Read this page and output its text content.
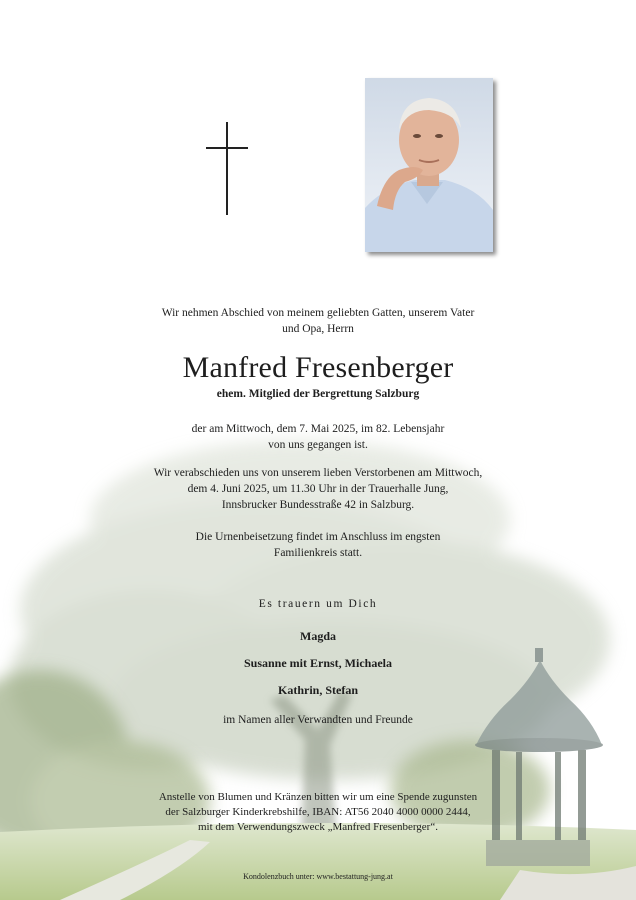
Wir nehmen Abschied von meinem geliebten Gatten, unserem Vater
und Opa, Herrn
Manfred Fresenberger
ehem. Mitglied der Bergrettung Salzburg
der am Mittwoch, dem 7. Mai 2025, im 82. Lebensjahr
von uns gegangen ist.
Wir verabschieden uns von unserem lieben Verstorbenen am Mittwoch,
dem 4. Juni 2025, um 11.30 Uhr in der Trauerhalle Jung,
Innsbrucker Bundesstraße 42 in Salzburg.
Die Urnenbeisetzung findet im Anschluss im engsten
Familienkreis statt.
Es trauern um Dich
Magda
Susanne mit Ernst, Michaela
Kathrin, Stefan
im Namen aller Verwandten und Freunde
Anstelle von Blumen und Kränzen bitten wir um eine Spende zugunsten
der Salzburger Kinderkrebshilfe, IBAN: AT56 2040 4000 0000 2444,
mit dem Verwendungszweck „Manfred Fresenberger“.
Kondolenzbuch unter: www.bestattung-jung.at
